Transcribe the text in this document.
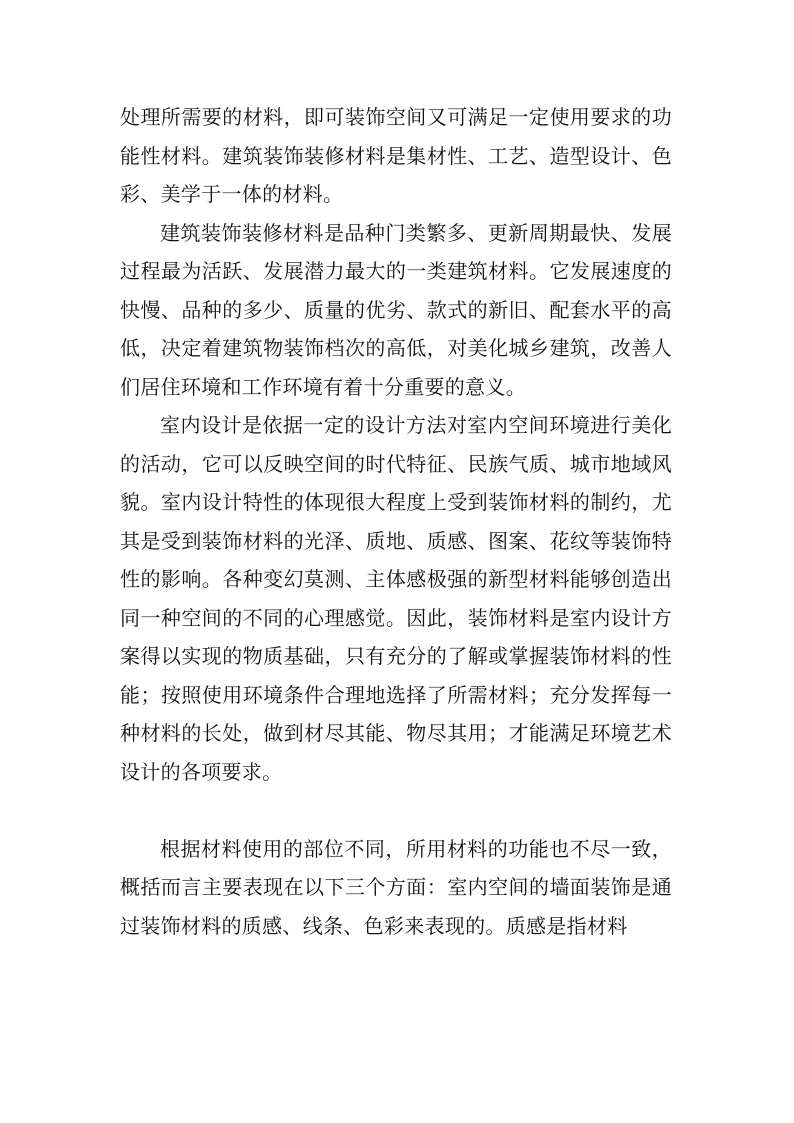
处理所需要的材料，即可装饰空间又可满足一定使用要求的功能性材料。建筑装饰装修材料是集材性、工艺、造型设计、色彩、美学于一体的材料。

建筑装饰装修材料是品种门类繁多、更新周期最快、发展过程最为活跃、发展潜力最大的一类建筑材料。它发展速度的快慢、品种的多少、质量的优劣、款式的新旧、配套水平的高低，决定着建筑物装饰档次的高低，对美化城乡建筑，改善人们居住环境和工作环境有着十分重要的意义。

室内设计是依据一定的设计方法对室内空间环境进行美化的活动，它可以反映空间的时代特征、民族气质、城市地域风貌。室内设计特性的体现很大程度上受到装饰材料的制约，尤其是受到装饰材料的光泽、质地、质感、图案、花纹等装饰特性的影响。各种变幻莫测、主体感极强的新型材料能够创造出同一种空间的不同的心理感觉。因此，装饰材料是室内设计方案得以实现的物质基础，只有充分的了解或掌握装饰材料的性能；按照使用环境条件合理地选择了所需材料；充分发挥每一种材料的长处，做到材尽其能、物尽其用；才能满足环境艺术设计的各项要求。

根据材料使用的部位不同，所用材料的功能也不尽一致，概括而言主要表现在以下三个方面：室内空间的墙面装饰是通过装饰材料的质感、线条、色彩来表现的。质感是指材料
